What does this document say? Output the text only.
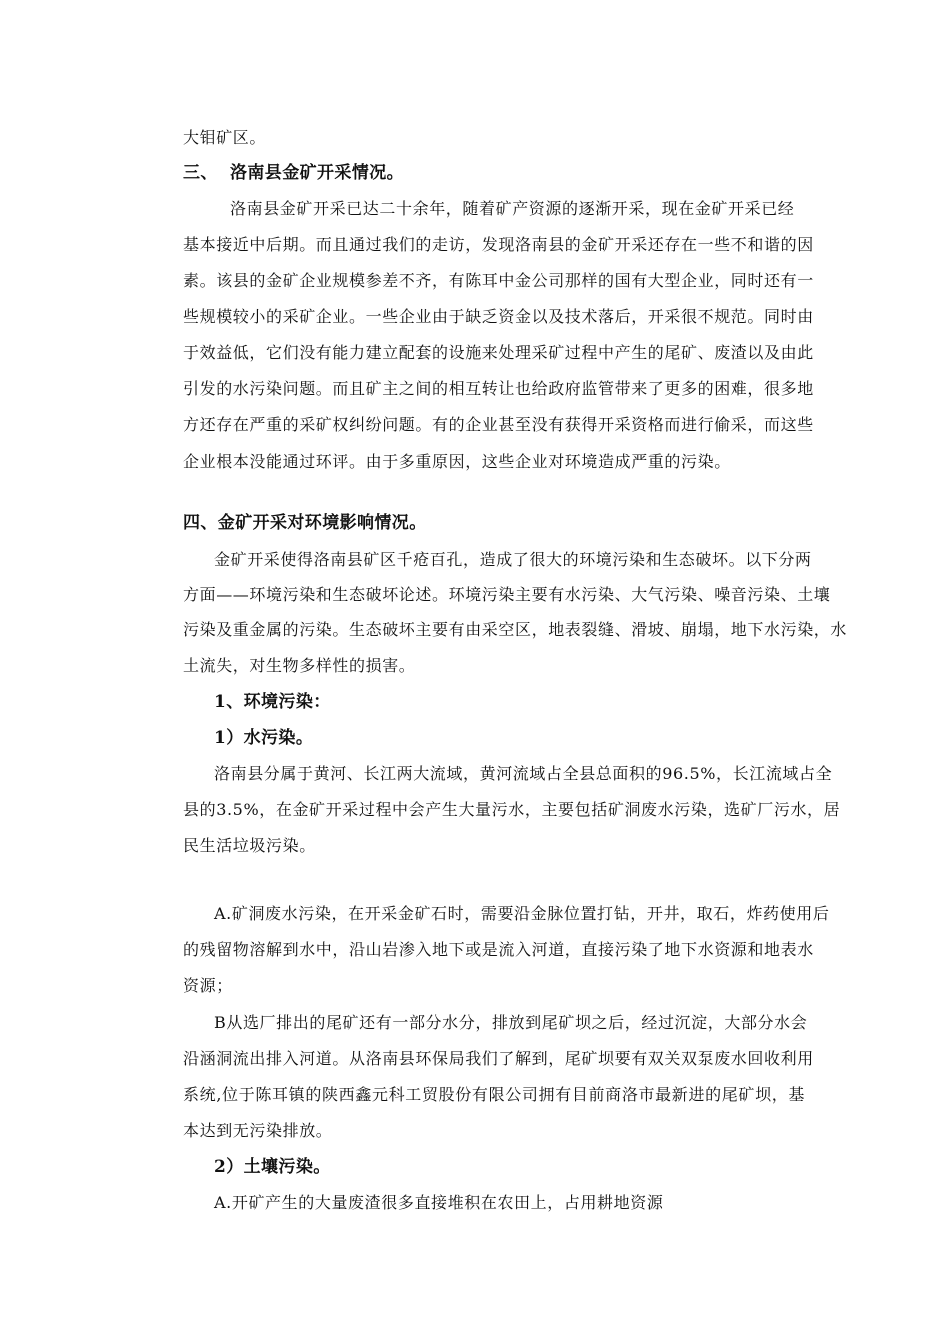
大钼矿区。
三、 洛南县金矿开采情况。
洛南县金矿开采已达二十余年，随着矿产资源的逐渐开采，现在金矿开采已经
基本接近中后期。而且通过我们的走访，发现洛南县的金矿开采还存在一些不和谐的因
素。该县的金矿企业规模参差不齐，有陈耳中金公司那样的国有大型企业，同时还有一
些规模较小的采矿企业。一些企业由于缺乏资金以及技术落后，开采很不规范。同时由
于效益低，它们没有能力建立配套的设施来处理采矿过程中产生的尾矿、废渣以及由此
引发的水污染问题。而且矿主之间的相互转让也给政府监管带来了更多的困难，很多地
方还存在严重的采矿权纠纷问题。有的企业甚至没有获得开采资格而进行偷采，而这些
企业根本没能通过环评。由于多重原因，这些企业对环境造成严重的污染。
四、金矿开采对环境影响情况。
金矿开采使得洛南县矿区千疮百孔，造成了很大的环境污染和生态破坏。以下分两
方面——环境污染和生态破坏论述。环境污染主要有水污染、大气污染、噪音污染、土壤
污染及重金属的污染。生态破坏主要有由采空区，地表裂缝、滑坡、崩塌，地下水污染，水
土流失，对生物多样性的损害。
1、环境污染：
1）水污染。
洛南县分属于黄河、长江两大流域，黄河流域占全县总面积的96.5%，长江流域占全
县的3.5%，在金矿开采过程中会产生大量污水，主要包括矿洞废水污染，选矿厂污水，居
民生活垃圾污染。
A.矿洞废水污染，在开采金矿石时，需要沿金脉位置打钻，开井，取石，炸药使用后
的残留物溶解到水中，沿山岩渗入地下或是流入河道，直接污染了地下水资源和地表水
资源；
B从选厂排出的尾矿还有一部分水分，排放到尾矿坝之后，经过沉淀，大部分水会
沿涵洞流出排入河道。从洛南县环保局我们了解到，尾矿坝要有双关双泵废水回收利用
系统,位于陈耳镇的陕西鑫元科工贸股份有限公司拥有目前商洛市最新进的尾矿坝，基
本达到无污染排放。
2）土壤污染。
A.开矿产生的大量废渣很多直接堆积在农田上，占用耕地资源
